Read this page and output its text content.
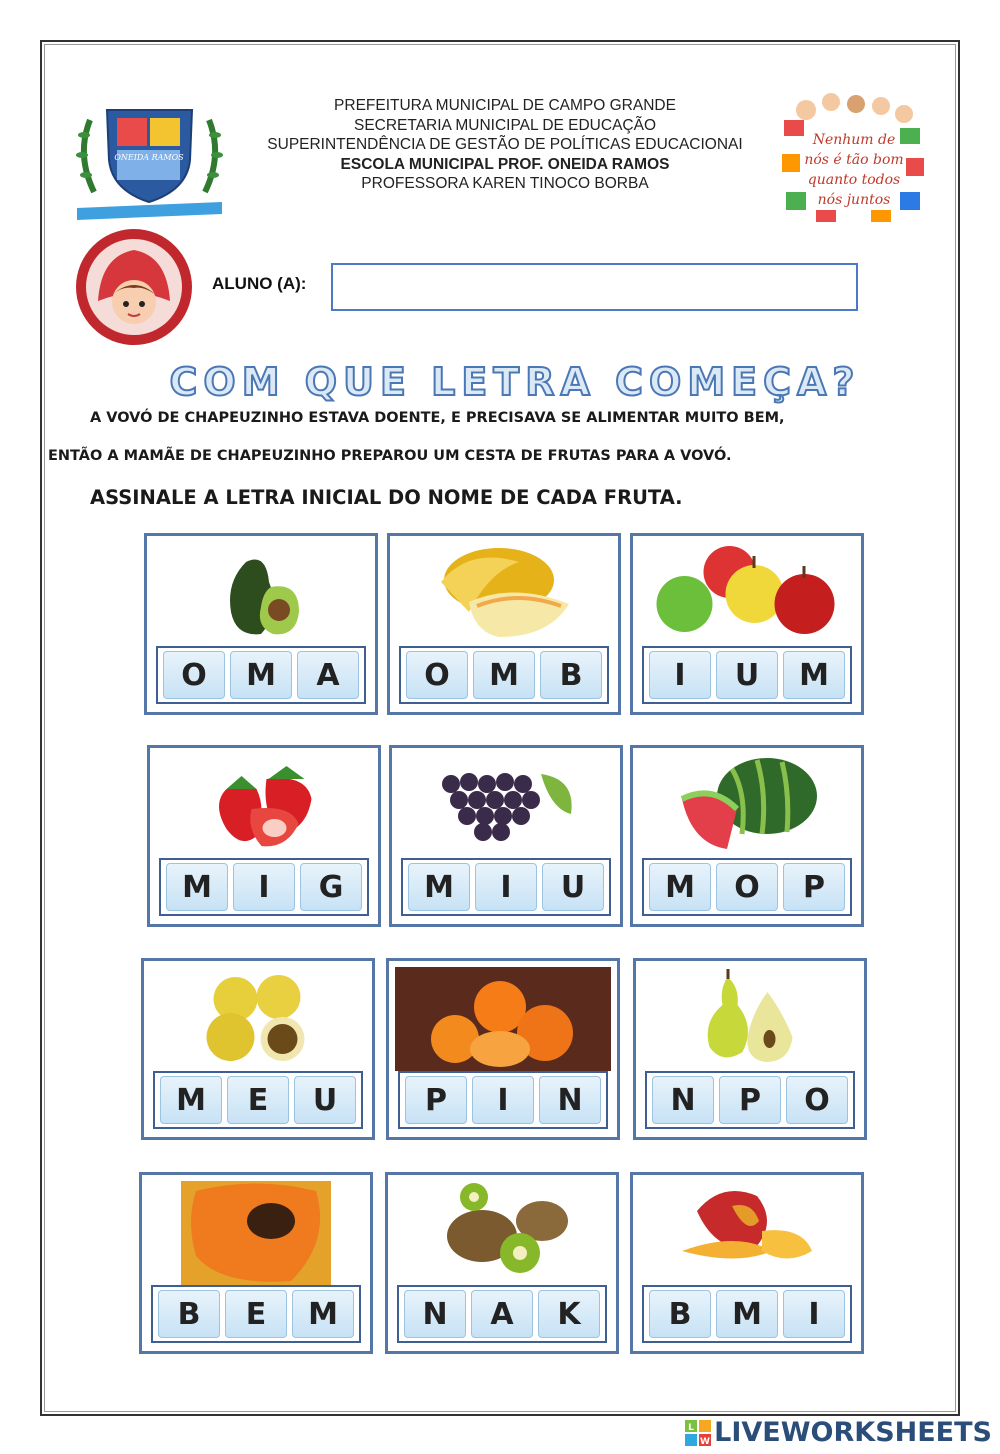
ONEIDA RAMOS
PREFEITURA MUNICIPAL DE CAMPO GRANDE
SECRETARIA MUNICIPAL DE EDUCAÇÃO
SUPERINTENDÊNCIA DE GESTÃO DE POLÍTICAS EDUCACIONAI
ESCOLA MUNICIPAL PROF. ONEIDA RAMOS
PROFESSORA KAREN TINOCO BORBA
Nenhum de
nós é tão bom
quanto todos
nós juntos
ALUNO (A):
COM QUE LETRA COMEÇA?
A VOVÓ DE CHAPEUZINHO ESTAVA DOENTE, E PRECISAVA SE ALIMENTAR MUITO BEM,
ENTÃO A MAMÃE DE CHAPEUZINHO PREPAROU UM CESTA DE FRUTAS PARA A VOVÓ.
ASSINALE A LETRA INICIAL DO NOME DE CADA FRUTA.
O	M	A	O	M	B	I	U	M
M	I	G	M	I	U	M	O	P
M	E	U	P	I	N	N	P	O
B	E	M	N	A	K	B	M	I
L
W LIVEWORKSHEETS
